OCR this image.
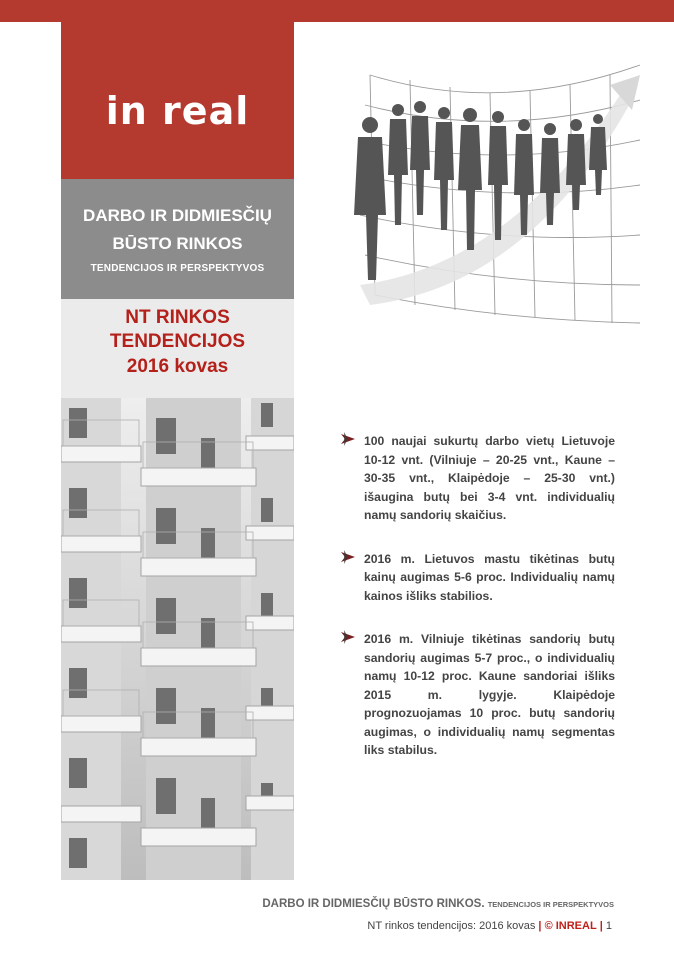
in real
DARBO IR DIDMIESČIŲ
BŪSTO RINKOS
TENDENCIJOS IR PERSPEKTYVOS
NT RINKOS
TENDENCIJOS
2016 kovas
100 naujai sukurtų darbo vietų Lietuvoje 10-12 vnt. (Vilniuje – 20-25 vnt., Kaune – 30-35 vnt., Klaipėdoje – 25-30 vnt.) išaugina butų bei 3-4 vnt. individualių namų sandorių skaičius.
2016 m. Lietuvos mastu tikėtinas butų kainų augimas 5-6 proc. Individualių namų kainos išliks stabilios.
2016 m. Vilniuje tikėtinas sandorių butų sandorių augimas 5-7 proc., o individualių namų 10-12 proc. Kaune sandoriai išliks 2015 m. lygyje. Klaipėdoje prognozuojamas 10 proc. butų sandorių augimas, o individualių namų segmentas liks stabilus.
DARBO IR DIDMIESČIŲ BŪSTO RINKOS. TENDENCIJOS IR PERSPEKTYVOS
NT rinkos tendencijos: 2016 kovas | © INREAL | 1
